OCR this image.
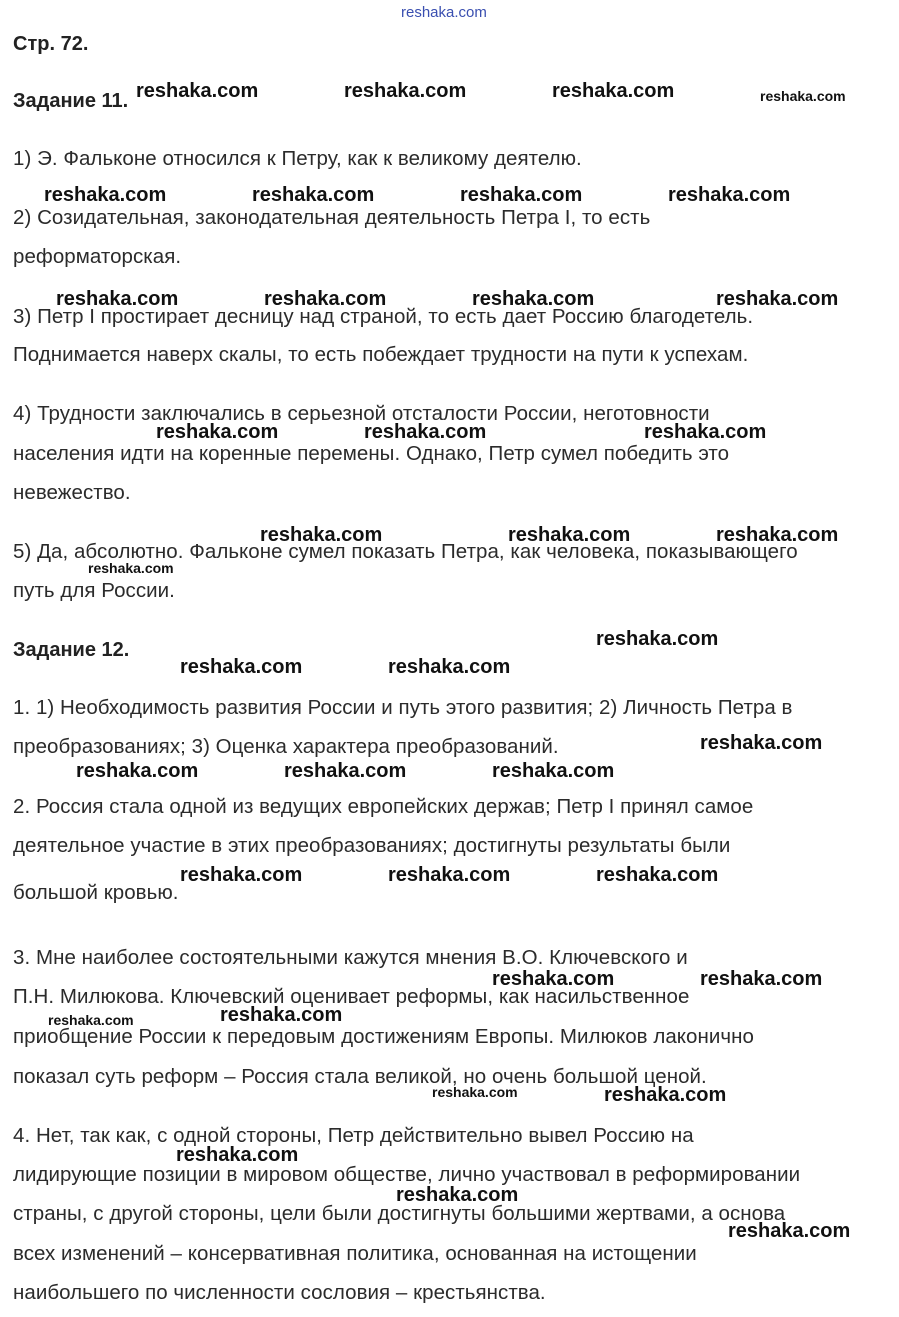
reshaka.com
Стр. 72.
Задание 11.
1) Э. Фальконе относился к Петру, как к великому деятелю.
2) Созидательная, законодательная деятельность Петра I, то есть
реформаторская.
3) Петр I простирает десницу над страной, то есть дает Россию благодетель.
Поднимается наверх скалы, то есть побеждает трудности на пути к успехам.
4) Трудности заключались в серьезной отсталости России, неготовности
населения идти на коренные перемены. Однако, Петр сумел победить это
невежество.
5) Да, абсолютно. Фальконе сумел показать Петра, как человека, показывающего
путь для России.
Задание 12.
1. 1) Необходимость развития России и путь этого развития; 2) Личность Петра в
преобразованиях; 3) Оценка характера преобразований.
2. Россия стала одной из ведущих европейских держав; Петр I принял самое
деятельное участие в этих преобразованиях; достигнуты результаты были
большой кровью.
3. Мне наиболее состоятельными кажутся мнения В.О. Ключевского и
П.Н. Милюкова. Ключевский оценивает реформы, как насильственное
приобщение России к передовым достижениям Европы. Милюков лаконично
показал суть реформ – Россия стала великой, но очень большой ценой.
4. Нет, так как, с одной стороны, Петр действительно вывел Россию на
лидирующие позиции в мировом обществе, лично участвовал в реформировании
страны, с другой стороны, цели были достигнуты большими жертвами, а основа
всех изменений – консервативная политика, основанная на истощении
наибольшего по численности сословия – крестьянства.
reshaka.com	reshaka.com	reshaka.com	reshaka.com
reshaka.com	reshaka.com	reshaka.com	reshaka.com
reshaka.com	reshaka.com	reshaka.com	reshaka.com
reshaka.com	reshaka.com	reshaka.com
reshaka.com	reshaka.com	reshaka.com
reshaka.com
reshaka.com
reshaka.com	reshaka.com
reshaka.com
reshaka.com	reshaka.com	reshaka.com
reshaka.com	reshaka.com	reshaka.com
reshaka.com	reshaka.com
reshaka.com
reshaka.com
reshaka.com	reshaka.com
reshaka.com
reshaka.com
reshaka.com
